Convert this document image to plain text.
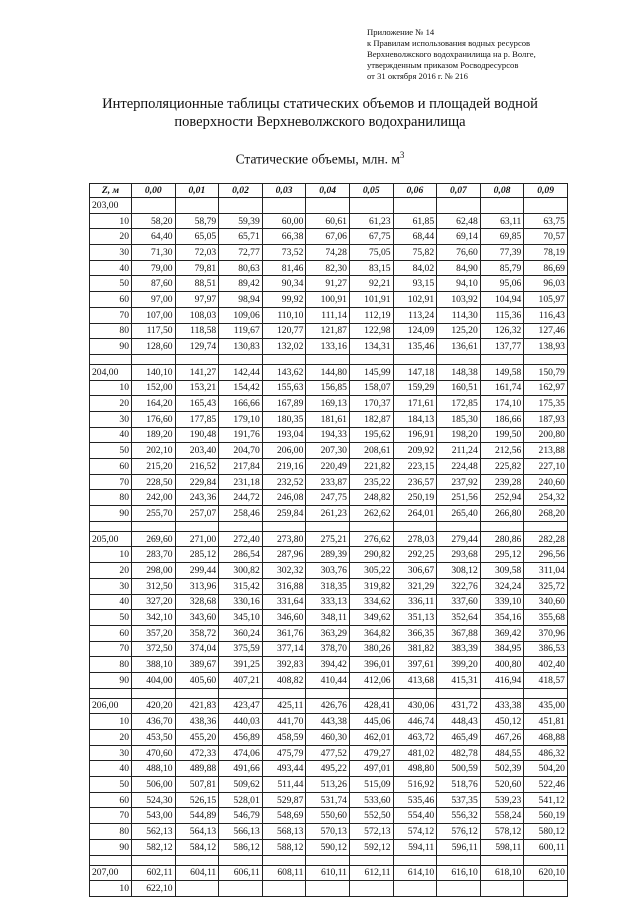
Приложение № 14
к Правилам использования водных ресурсов
Верхневолжского водохранилища на р. Волге,
утвержденным приказом Росводресурсов
от 31 октября 2016 г. № 216
Интерполяционные таблицы статических объемов и площадей водной
поверхности Верхневолжского водохранилища
Статические объемы, млн. $м^3$
Z, м	0,00	0,01	0,02	0,03	0,04	0,05	0,06	0,07	0,08	0,09
203,00										
10	58,20	58,79	59,39	60,00	60,61	61,23	61,85	62,48	63,11	63,75
20	64,40	65,05	65,71	66,38	67,06	67,75	68,44	69,14	69,85	70,57
30	71,30	72,03	72,77	73,52	74,28	75,05	75,82	76,60	77,39	78,19
40	79,00	79,81	80,63	81,46	82,30	83,15	84,02	84,90	85,79	86,69
50	87,60	88,51	89,42	90,34	91,27	92,21	93,15	94,10	95,06	96,03
60	97,00	97,97	98,94	99,92	100,91	101,91	102,91	103,92	104,94	105,97
70	107,00	108,03	109,06	110,10	111,14	112,19	113,24	114,30	115,36	116,43
80	117,50	118,58	119,67	120,77	121,87	122,98	124,09	125,20	126,32	127,46
90	128,60	129,74	130,83	132,02	133,16	134,31	135,46	136,61	137,77	138,93

204,00	140,10	141,27	142,44	143,62	144,80	145,99	147,18	148,38	149,58	150,79
10	152,00	153,21	154,42	155,63	156,85	158,07	159,29	160,51	161,74	162,97
20	164,20	165,43	166,66	167,89	169,13	170,37	171,61	172,85	174,10	175,35
30	176,60	177,85	179,10	180,35	181,61	182,87	184,13	185,30	186,66	187,93
40	189,20	190,48	191,76	193,04	194,33	195,62	196,91	198,20	199,50	200,80
50	202,10	203,40	204,70	206,00	207,30	208,61	209,92	211,24	212,56	213,88
60	215,20	216,52	217,84	219,16	220,49	221,82	223,15	224,48	225,82	227,10
70	228,50	229,84	231,18	232,52	233,87	235,22	236,57	237,92	239,28	240,60
80	242,00	243,36	244,72	246,08	247,75	248,82	250,19	251,56	252,94	254,32
90	255,70	257,07	258,46	259,84	261,23	262,62	264,01	265,40	266,80	268,20

205,00	269,60	271,00	272,40	273,80	275,21	276,62	278,03	279,44	280,86	282,28
10	283,70	285,12	286,54	287,96	289,39	290,82	292,25	293,68	295,12	296,56
20	298,00	299,44	300,82	302,32	303,76	305,22	306,67	308,12	309,58	311,04
30	312,50	313,96	315,42	316,88	318,35	319,82	321,29	322,76	324,24	325,72
40	327,20	328,68	330,16	331,64	333,13	334,62	336,11	337,60	339,10	340,60
50	342,10	343,60	345,10	346,60	348,11	349,62	351,13	352,64	354,16	355,68
60	357,20	358,72	360,24	361,76	363,29	364,82	366,35	367,88	369,42	370,96
70	372,50	374,04	375,59	377,14	378,70	380,26	381,82	383,39	384,95	386,53
80	388,10	389,67	391,25	392,83	394,42	396,01	397,61	399,20	400,80	402,40
90	404,00	405,60	407,21	408,82	410,44	412,06	413,68	415,31	416,94	418,57

206,00	420,20	421,83	423,47	425,11	426,76	428,41	430,06	431,72	433,38	435,00
10	436,70	438,36	440,03	441,70	443,38	445,06	446,74	448,43	450,12	451,81
20	453,50	455,20	456,89	458,59	460,30	462,01	463,72	465,49	467,26	468,88
30	470,60	472,33	474,06	475,79	477,52	479,27	481,02	482,78	484,55	486,32
40	488,10	489,88	491,66	493,44	495,22	497,01	498,80	500,59	502,39	504,20
50	506,00	507,81	509,62	511,44	513,26	515,09	516,92	518,76	520,60	522,46
60	524,30	526,15	528,01	529,87	531,74	533,60	535,46	537,35	539,23	541,12
70	543,00	544,89	546,79	548,69	550,60	552,50	554,40	556,32	558,24	560,19
80	562,13	564,13	566,13	568,13	570,13	572,13	574,12	576,12	578,12	580,12
90	582,12	584,12	586,12	588,12	590,12	592,12	594,11	596,11	598,11	600,11

207,00	602,11	604,11	606,11	608,11	610,11	612,11	614,10	616,10	618,10	620,10
10	622,10									
